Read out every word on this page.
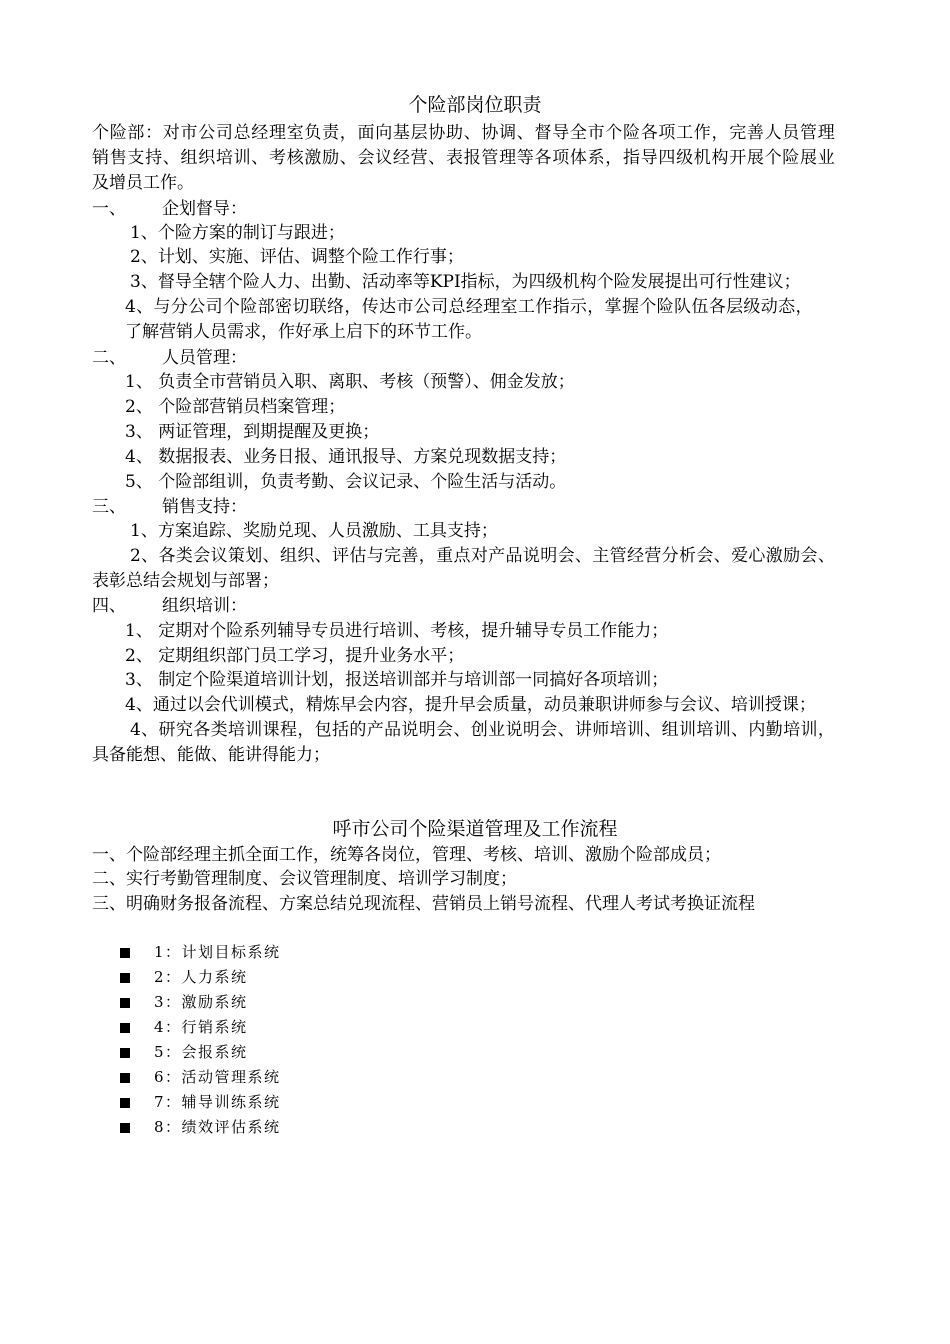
个险部岗位职责
个险部：对市公司总经理室负责，面向基层协助、协调、督导全市个险各项工作，完善人员管理
销售支持、组织培训、考核激励、会议经营、表报管理等各项体系，指导四级机构开展个险展业
及增员工作。
一、 企划督导：
1、个险方案的制订与跟进；
2、计划、实施、评估、调整个险工作行事；
3、督导全辖个险人力、出勤、活动率等KPI指标，为四级机构个险发展提出可行性建议；
4、与分公司个险部密切联络，传达市公司总经理室工作指示，掌握个险队伍各层级动态，
了解营销人员需求，作好承上启下的环节工作。
二、 人员管理：
1、 负责全市营销员入职、离职、考核（预警）、佣金发放；
2、 个险部营销员档案管理；
3、 两证管理，到期提醒及更换；
4、 数据报表、业务日报、通讯报导、方案兑现数据支持；
5、 个险部组训，负责考勤、会议记录、个险生活与活动。
三、 销售支持：
1、方案追踪、奖励兑现、人员激励、工具支持；
2、各类会议策划、组织、评估与完善，重点对产品说明会、主管经营分析会、爱心激励会、
表彰总结会规划与部署；
四、 组织培训：
1、 定期对个险系列辅导专员进行培训、考核，提升辅导专员工作能力；
2、 定期组织部门员工学习，提升业务水平；
3、 制定个险渠道培训计划，报送培训部并与培训部一同搞好各项培训；
4、通过以会代训模式，精炼早会内容，提升早会质量，动员兼职讲师参与会议、培训授课；
4、研究各类培训课程，包括的产品说明会、创业说明会、讲师培训、组训培训、内勤培训，
具备能想、能做、能讲得能力；
呼市公司个险渠道管理及工作流程
一、个险部经理主抓全面工作，统筹各岗位，管理、考核、培训、激励个险部成员；
二、实行考勤管理制度、会议管理制度、培训学习制度；
三、明确财务报备流程、方案总结兑现流程、营销员上销号流程、代理人考试考换证流程
1：计划目标系统
2：人力系统
3：激励系统
4：行销系统
5：会报系统
6：活动管理系统
7：辅导训练系统
8：绩效评估系统
